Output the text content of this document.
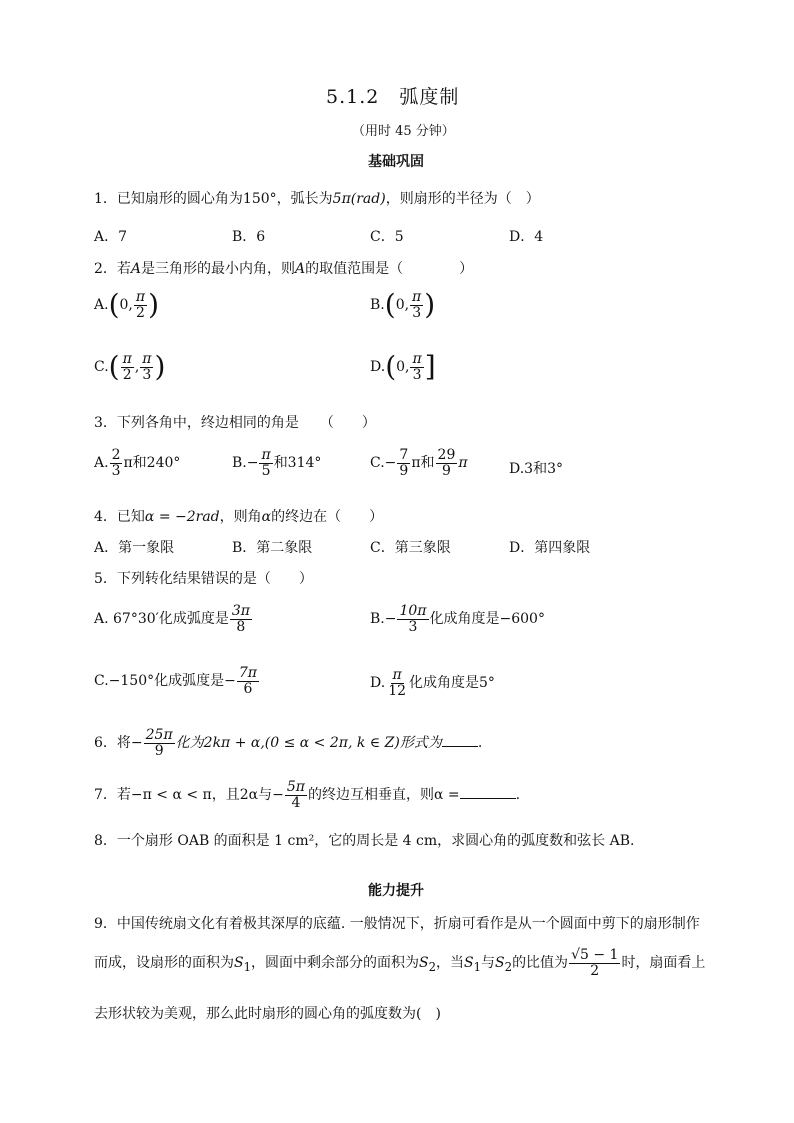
5.1.2　弧度制
（用时 45 分钟）
基础巩固
1．已知扇形的圆心角为150°，弧长为5π(rad)，则扇形的半径为（　）
A．7	B．6	C．5	D．4
2．若A是三角形的最小内角，则A的取值范围是（　　　　）
A.(0, $\frac{\pi}{2}$ )	B.(0, $\frac{\pi}{3}$ )
$C.( \frac{\pi}{2}$ , $\frac{\pi}{3}$ )	D.(0, $\frac{\pi}{3}$ ]
3．下列各角中，终边相同的角是　　（　　）
A. $\frac{2}{3}$ π和240°	$B.- \frac{\pi}{5}$ 和314°	$C.- \frac{7}{9}$ π和 $\frac{29}{9}$ π	D.3和3°
4．已知α = −2rad，则角α的终边在（　　）
A．第一象限	B．第二象限	C．第三象限	D．第四象限
5．下列转化结果错误的是（　　）
A. 67°30′化成弧度是 $\frac{3\pi}{8}$	$B.- \frac{10\pi}{3}$ 化成角度是−600°
C.−150°化成弧度是− $\frac{7\pi}{6}$	D. $\frac{\pi}{12}$ 化成角度是5°
6．将− $\frac{25\pi}{9}$ 化为2kπ + α,(0 ≤ α < 2π, k ∈ Z)形式为	.
7．若−π < α < π，且2α与− $\frac{5\pi}{4}$ 的终边互相垂直，则α =	.
8．一个扇形 OAB 的面积是 1 cm²，它的周长是 4 cm，求圆心角的弧度数和弦长 AB.
能力提升
9．中国传统扇文化有着极其深厚的底蕴. 一般情况下，折扇可看作是从一个圆面中剪下的扇形制作
而成，设扇形的面积为$S_1$，圆面中剩余部分的面积为$S_2$，当$S_1$与$S_2$的比值为 $\frac{√5 - 1}{2}$ 时，扇面看上
去形状较为美观，那么此时扇形的圆心角的弧度数为(　)
